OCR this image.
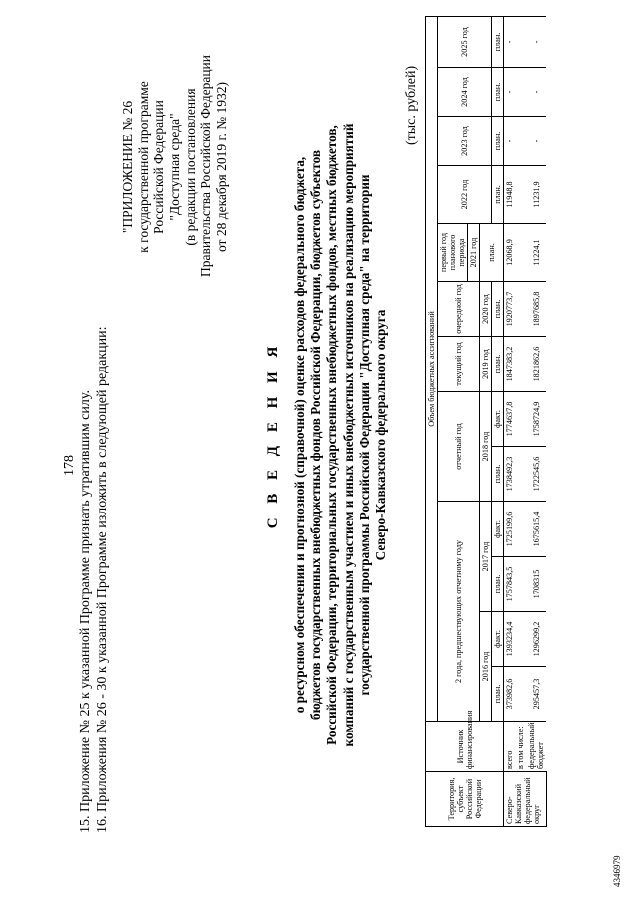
178 15. Приложение № 25 к указанной Программе признать утратившим силу. 16. Приложения № 26 - 30 к указанной Программе изложить в следующей редакции:
"ПРИЛОЖЕНИЕ № 26 к государственной программе Российской Федерации "Доступная среда" (в редакции постановления Правительства Российской Федерации от 28 декабря 2019 г. № 1932)
С В Е Д Е Н И Я о ресурсном обеспечении и прогнозной (справочной) оценке расходов федерального бюджета, бюджетов государственных внебюджетных фондов Российской Федерации, бюджетов субъектов Российской Федерации, территориальных государственных внебюджетных фондов, местных бюджетов, компаний с государственным участием и иных внебюджетных источников на реализацию мероприятий государственной программы Российской Федерации "Доступная среда" на территории Северо-Кавказского федерального округа
(тыс. рублей)
Территория, субъект Российской Федерации	Источник финансирования	Объем бюджетных ассигнований												
		2 года, предшествующих отчетному году				отчетный год		текущий год	очередной год	первый год планового периода	2022 год	2023 год	2024 год	2025 год
										2021 год				
		2016 год		2017 год		2018 год		2019 год	2020 год	план.				
		план.	факт.	план.	факт.	план.	факт.	план.	план.		план.	план.	план.	план.
Северо-Кавказский федеральный округ	всего	373982,6	1393234,4	1757843,5	1725199,6	1738492,3	1774637,8	1847383,2	1920773,7	12068,9	11948,8	-	-	-
	в том числе:													
	федеральный бюджет	295457,3	1296299,2	1708315	1675615,4	1722545,6	1758724,9	1821862,6	1897685,8	11224,1	11231,9	-	-	-
4346979
